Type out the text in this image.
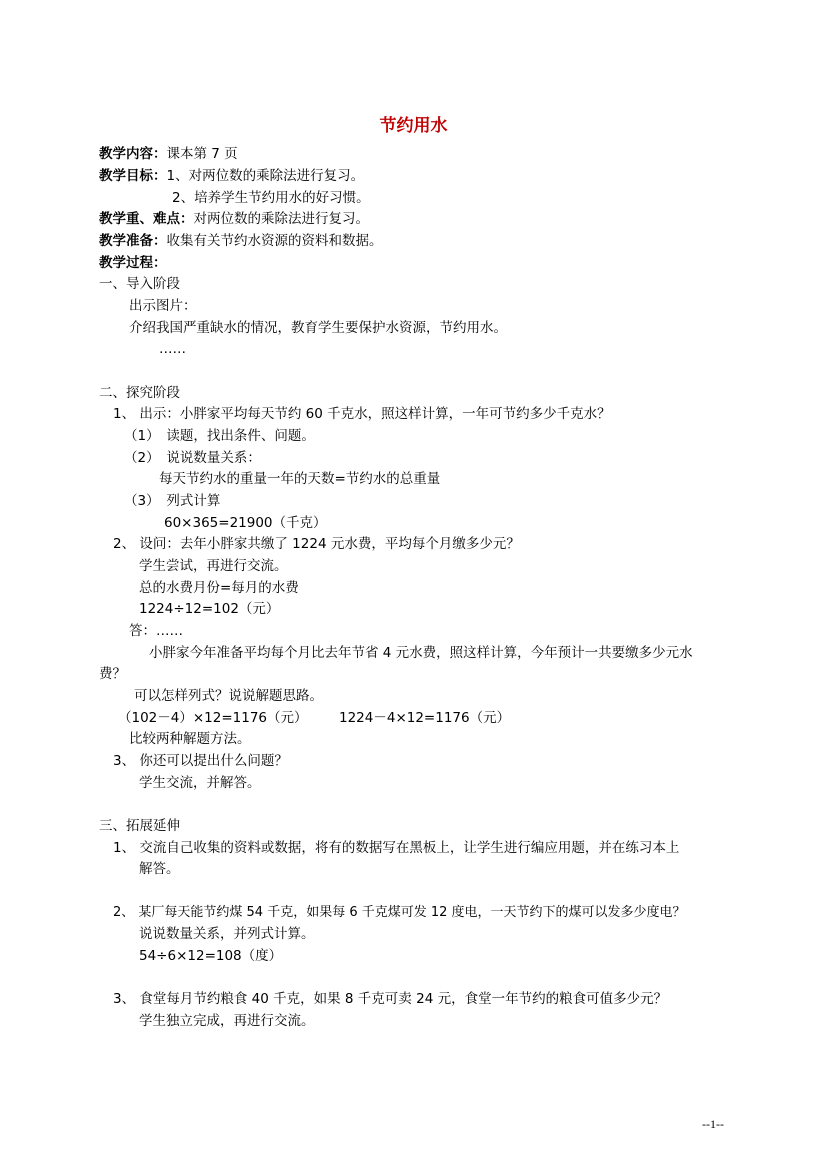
节约用水
教学内容：课本第 7 页
教学目标：1、对两位数的乘除法进行复习。
2、培养学生节约用水的好习惯。
教学重、难点：对两位数的乘除法进行复习。
教学准备：收集有关节约水资源的资料和数据。
教学过程：
一、导入阶段
出示图片：
介绍我国严重缺水的情况，教育学生要保护水资源，节约用水。
……
二、探究阶段
1、 出示：小胖家平均每天节约 60 千克水，照这样计算，一年可节约多少千克水？
（1）　读题，找出条件、问题。
（2）　说说数量关系：
每天节约水的重量一年的天数=节约水的总重量
（3）　列式计算
60×365=21900（千克）
2、 设问：去年小胖家共缴了 1224 元水费，平均每个月缴多少元？
学生尝试，再进行交流。
总的水费月份=每月的水费
1224÷12=102（元）
答：……
小胖家今年准备平均每个月比去年节省 4 元水费，照这样计算，今年预计一共要缴多少元水
费？
可以怎样列式？说说解题思路。
（102－4）×12=1176（元） 1224－4×12=1176（元）
比较两种解题方法。
3、 你还可以提出什么问题？
学生交流，并解答。
三、拓展延伸
1、 交流自己收集的资料或数据，将有的数据写在黑板上，让学生进行编应用题，并在练习本上
解答。
2、 某厂每天能节约煤 54 千克，如果每 6 千克煤可发 12 度电，一天节约下的煤可以发多少度电？
说说数量关系，并列式计算。
54÷6×12=108（度）
3、 食堂每月节约粮食 40 千克，如果 8 千克可卖 24 元，食堂一年节约的粮食可值多少元？
学生独立完成，再进行交流。
--1--
